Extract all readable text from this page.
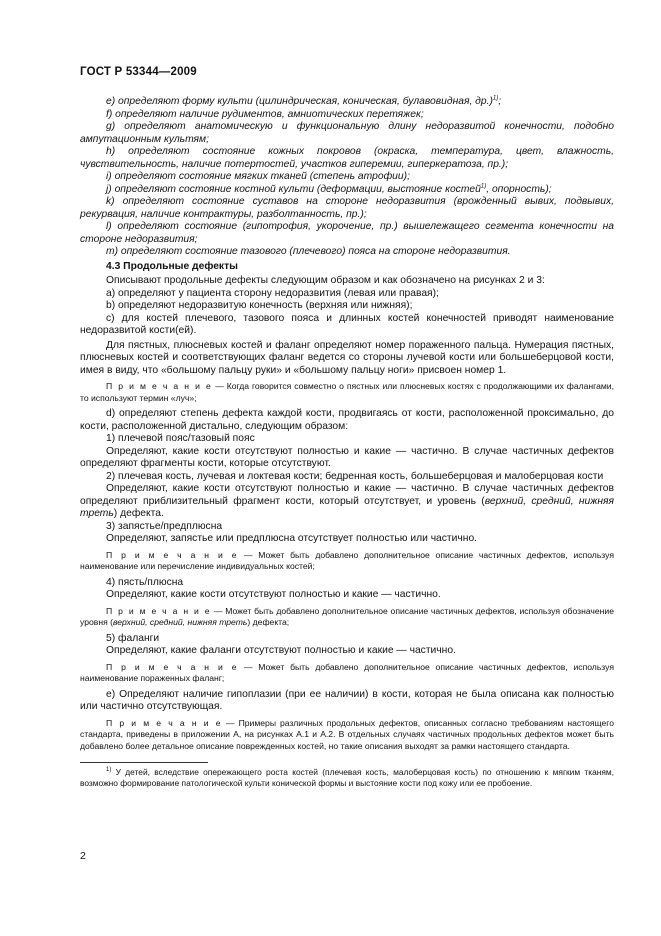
ГОСТ Р 53344—2009

e) определяют форму культи (цилиндрическая, коническая, булавовидная, др.)$^{1)}$;

f) определяют наличие рудиментов, амниотических перетяжек;

g) определяют анатомическую и функциональную длину недоразвитой конечности, подобно ампутационным культям;

h) определяют состояние кожных покровов (окраска, температура, цвет, влажность, чувствительность, наличие потертостей, участков гиперемии, гиперкератоза, пр.);

i) определяют состояние мягких тканей (степень атрофии);

j) определяют состояние костной культи (деформации, выстояние костей$^{1)}$, опорность);

k) определяют состояние суставов на стороне недоразвития (врожденный вывих, подвывих, рекурвация, наличие контрактуры, разболтанность, пр.);

l) определяют состояние (гипотрофия, укорочение, пр.) вышележащего сегмента конечности на стороне недоразвития;

m) определяют состояние тазового (плечевого) пояса на стороне недоразвития.

4.3 Продольные дефекты

Описывают продольные дефекты следующим образом и как обозначено на рисунках 2 и 3:

а) определяют у пациента сторону недоразвития (левая или правая);

b) определяют недоразвитую конечность (верхняя или нижняя);

c) для костей плечевого, тазового пояса и длинных костей конечностей приводят наименование недоразвитой кости(ей).

Для пястных, плюсневых костей и фаланг определяют номер пораженного пальца. Нумерация пястных, плюсневых костей и соответствующих фаланг ведется со стороны лучевой кости или большеберцовой кости, имея в виду, что «большому пальцу руки» и «большому пальцу ноги» присвоен номер 1.

П р и м е ч а н и е — Когда говорится совместно о пястных или плюсневых костях с продолжающими их фалангами, то используют термин «луч»;

d) определяют степень дефекта каждой кости, продвигаясь от кости, расположенной проксимально, до кости, расположенной дистально, следующим образом:

1) плечевой пояс/тазовый пояс

Определяют, какие кости отсутствуют полностью и какие — частично. В случае частичных дефектов определяют фрагменты кости, которые отсутствуют.

2) плечевая кость, лучевая и локтевая кости; бедренная кость, большеберцовая и малоберцовая кости

Определяют, какие кости отсутствуют полностью и какие — частично. В случае частичных дефектов определяют приблизительный фрагмент кости, который отсутствует, и уровень (верхний, средний, нижняя треть) дефекта.

3) запястье/предплюсна

Определяют, запястье или предплюсна отсутствует полностью или частично.

П р и м е ч а н и е — Может быть добавлено дополнительное описание частичных дефектов, используя наименование или перечисление индивидуальных костей;

4) пясть/плюсна

Определяют, какие кости отсутствуют полностью и какие — частично.

П р и м е ч а н и е — Может быть добавлено дополнительное описание частичных дефектов, используя обозначение уровня (верхний, средний, нижняя треть) дефекта;

5) фаланги

Определяют, какие фаланги отсутствуют полностью и какие — частично.

П р и м е ч а н и е — Может быть добавлено дополнительное описание частичных дефектов, используя наименование пораженных фаланг;

e) Определяют наличие гипоплазии (при ее наличии) в кости, которая не была описана как полностью или частично отсутствующая.

П р и м е ч а н и е — Примеры различных продольных дефектов, описанных согласно требованиям настоящего стандарта, приведены в приложении А, на рисунках А.1 и А.2. В отдельных случаях частичных продольных дефектов может быть добавлено более детальное описание поврежденных костей, но такие описания выходят за рамки настоящего стандарта.

$^{1)}$ У детей, вследствие опережающего роста костей (плечевая кость, малоберцовая кость) по отношению к мягким тканям, возможно формирование патологической культи конической формы и выстояние кости под кожу или ее пробоение.

2
